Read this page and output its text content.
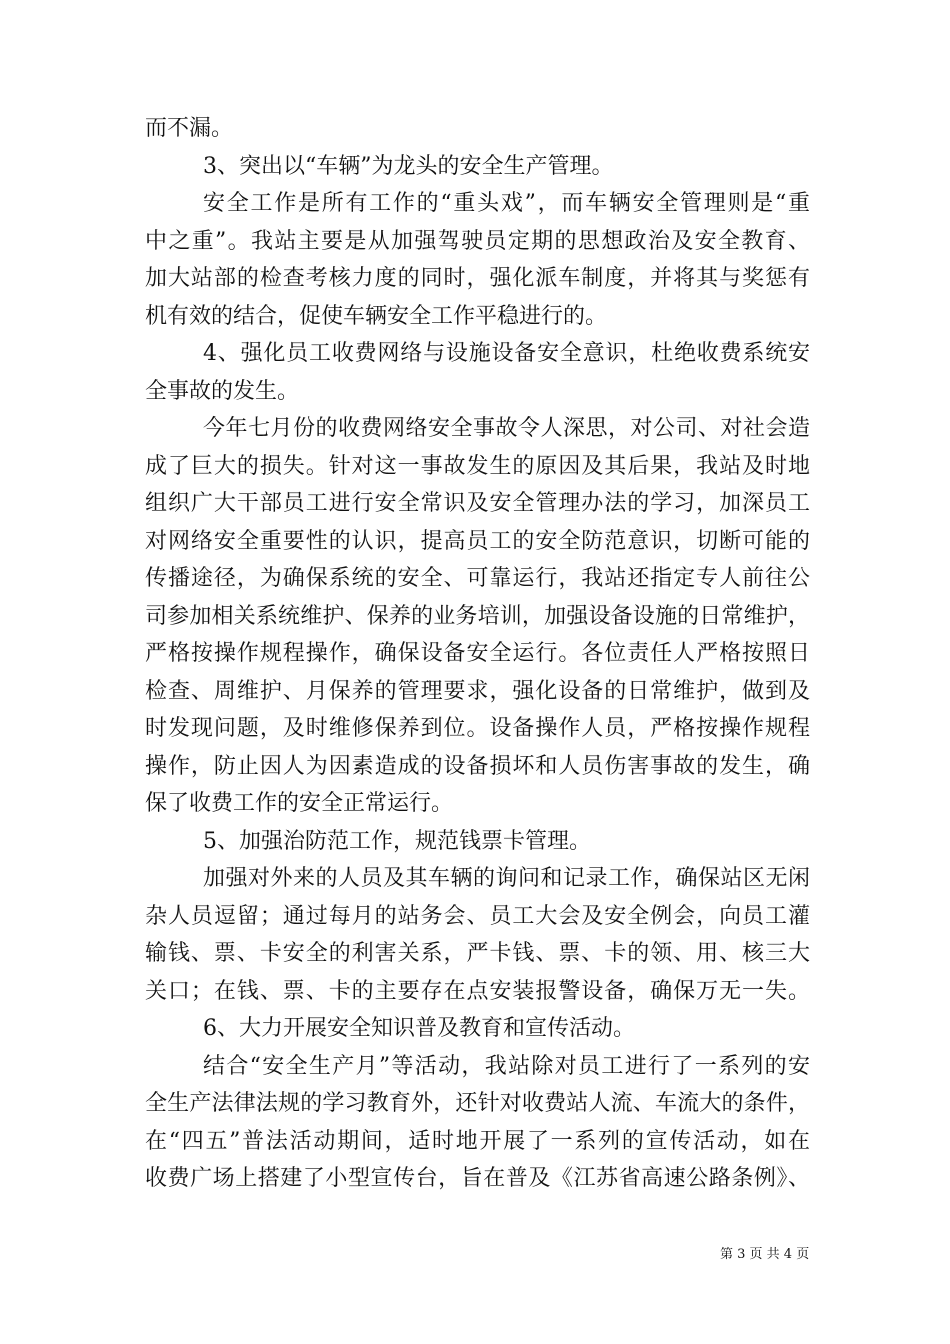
而不漏。
3、突出以“车辆”为龙头的安全生产管理。
安全工作是所有工作的“重头戏”，而车辆安全管理则是“重
中之重”。我站主要是从加强驾驶员定期的思想政治及安全教育、
加大站部的检查考核力度的同时，强化派车制度，并将其与奖惩有
机有效的结合，促使车辆安全工作平稳进行的。
4、强化员工收费网络与设施设备安全意识，杜绝收费系统安
全事故的发生。
今年七月份的收费网络安全事故令人深思，对公司、对社会造
成了巨大的损失。针对这一事故发生的原因及其后果，我站及时地
组织广大干部员工进行安全常识及安全管理办法的学习，加深员工
对网络安全重要性的认识，提高员工的安全防范意识，切断可能的
传播途径，为确保系统的安全、可靠运行，我站还指定专人前往公
司参加相关系统维护、保养的业务培训，加强设备设施的日常维护，
严格按操作规程操作，确保设备安全运行。各位责任人严格按照日
检查、周维护、月保养的管理要求，强化设备的日常维护，做到及
时发现问题，及时维修保养到位。设备操作人员，严格按操作规程
操作，防止因人为因素造成的设备损坏和人员伤害事故的发生，确
保了收费工作的安全正常运行。
5、加强治防范工作，规范钱票卡管理。
加强对外来的人员及其车辆的询问和记录工作，确保站区无闲
杂人员逗留；通过每月的站务会、员工大会及安全例会，向员工灌
输钱、票、卡安全的利害关系，严卡钱、票、卡的领、用、核三大
关口；在钱、票、卡的主要存在点安装报警设备，确保万无一失。
6、大力开展安全知识普及教育和宣传活动。
结合“安全生产月”等活动，我站除对员工进行了一系列的安
全生产法律法规的学习教育外，还针对收费站人流、车流大的条件，
在“四五”普法活动期间，适时地开展了一系列的宣传活动，如在
收费广场上搭建了小型宣传台，旨在普及《江苏省高速公路条例》、
第 3 页 共 4 页
